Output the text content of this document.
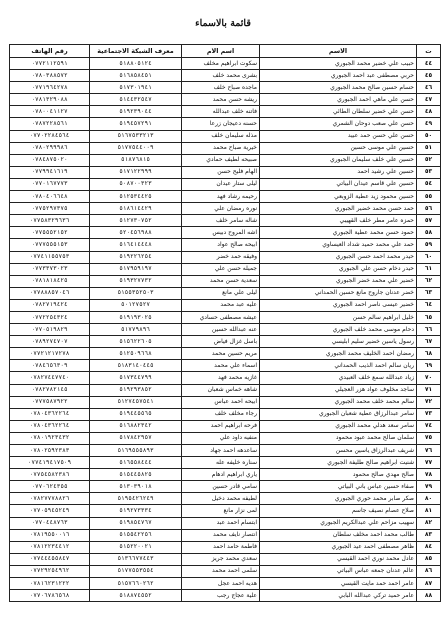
قائمة بالاسماء
ت	الاسم	اسم الام	معرف الشبكة الاجتماعية	رقم الهاتف
٤٤	حبيب علي خضير محمد الجبوري	سكوت ابراهيم مخلف	٥١٨٨٠٥١٢٤	٠٧٧٢١١٢٥٩١
٤٥	حربي مصطفى عبد احمد الجبوري	بشرى محمد خلف	٥١٦٨٥٨٤٥١	٠٧٨٠٣٨٨٥٧٢
٤٦	حسام حسين صالح محمد الجبوري	ماجده صباح خلف	٥١٧٣٠١٩٤١	٠٧٧١٩٦٤٢٧٨
٤٧	حسن علي ماهي احمد الجبوري	ريشه حسن محمد	٥١٤٤٣٢٥٤٧	٠٧٨١٣٢٩٠٨٨
٤٨	حسن علي خضير سلطان الطائي	فاتنه خلف عبدالله	٥١٩٢٣٩٠٤٤	٠٧٨٠٠٤١١٢٧
٤٩	حسن علي صعب دوحان الشمري	حسنه دعيجان زرعا	٥١٩٤٥٧٢٩١	٠٧٨٧٢٢٨٥٦١
٥٠	حسن علي حسن حمد عبيد	مذله سليمان خلف	٥١٦٧٥٣٣٢١٣	٠٧٧٠٢٢٨٤٥٦٤
٥١	حسين علي موسى حسين	خيرية صباح محمد	٥١٧٧٥٤٤٠٠٩	٠٧٨٠٢٩٩٩٨٦
٥٢	حسين علي خلف سليمان الجبوري	صبيحه لطيف حمادي	٥١٨٧٦٨١٥	٠٧٨٤٨٧٥٠٢٠
٥٣	حسين علي رشيد احمد	الهام فليح حسن	٥١٧١٢٢٩٩٩	٠٧٧٩٩٤١٦١٩
٥٤	حسين علي قاسم عيدان البياتي	ليلى ستار عيدان	٥٠٨٧٠٠٣٢٣	٠٧٧٠١٦٧٧٧٣
٥٥	حسين محمود زيد عطية الزوبعي	رحيمه رشاد فهد	٥١٢٥٣٤٤٢٥	٠٧٨٠٤٠٦٦٤٨
٥٦	حمد حسن محمد خضير الجبوري	نوره رمضان علي	٥١٨٦١٤٤٢٩	٠٧٧٥٢٩٧٣٧٥
٥٧	حمزه عامر مطر خلف القهيبي	شاله سامر خلف	٥١٢٧٣٠٧٥٢	٠٧٧٥٨٣٢٩٦٣٦
٥٨	حمود حسن محمد عطية الجبوري	اشه المروح دبيس	٥٢٠٤٥٦٩٨٨	٠٧٧٥٥٥٢١٥٢
٥٩	حمد علي محمد حميد شداد العيساوي	ابيحه صالح عواد	٥١٦٤١٤٤٤٨	٠٧٧٧٥٥٥١٥٣
٦٠	حيدر محمد احمد حسن الجبوري	وفيقه حمد خضر	٥١٩٢٢٦٢٥٤	٠٧٧٤١١٥٥٧٥٣
٦١	حيدر دخام حسن علي الجبوري	جميله حسن علي	٥١٧٩٥٩١٩٧	٠٧٧٣٣٧٣٠٢٣
٦٢	خضير علي محمد خضر الجبوري	سعدية حسن محمد	٥١٩٣٢٧٧٣٢	٠٧٨١٨١٨٤٢٥
٦٣	خضر عدنان جاروح مانع حسين الحمداني	ليلى علي مانع	٥١٥٥٣٥٢٥٠٣	٠٧٧٨٨٨٥٧٠٤٦
٦٤	خضير عيسى ناصر احمد الجبوري	عليه عبد محمد	٥٠١٢٧٥٢٧	٠٧٨٢٧١٩٤٢٤
٦٥	خليل ابراهيم سالم حسن	عيشه مصطفى حسادي	٥١٩١٩٣٠٢٥	٠٧٧٢٢٥٤٣٢٤
٦٦	دحام موسى محمد خلف الجبوري	عنه عبدالله حسين	٥١٧٧٩٨٩٦	٠٧٧٠٥١٩٨٢٩
٦٧	رسول ياسين خضير سليم ابليسي	باسل غزال فياض	٥١٥٦٢٢٦٠٥	٠٧٨٩٢٧٤٧٠٧
٦٨	رمضان احمد الخليف محمد الجبوري	مريم حسين محمد	٥١٢٥٠٩٦٦٨	٠٧٧٢١٢١٧٢٧٨
٦٩	ريان سالم احمد الذيب الحمداني	اسماء علي محمد	٥١٨٣١٤٠٤٤٥	٠٧٨٤٦٥٦٣٠٩
٧٠	زياد عبدالله سمع خلف العبيدي	غازيه محمد فهد	٥١٧٣٤٤٧٩٩	٠٧٨٢٧٤٤٧٧٤٠
٧١	ساجد مخلوف عواد هزر العجيلي	شاهه خماس شعبان	٥١٩٢٩٣٨٥٢	٠٧٨٢٧٨٢١٤٥
٧٢	سالم محمد خلف محمد الجبوري	ابيحه احمد عباس	٥١٢٧٤٥٧٥٤١	٠٧٧٧٥٨٧٩٢٢
٧٣	سامر عبدالرزاق عطية شعبان الجبوري	رجاء مخلف خلف	٥١٩٤٤٥٥٦٥	٠٧٨٠٤٣٦٢٢٦٤
٧٤	سامر سعد هدلي محمد الجبوري	فرحه ابراهيم احمد	٥١٦٨٨٢٣٤٢	٠٧٨٠٤٣٦٢٢٦٤
٧٥	سلمان صالح محمد عبود محمود	منفيه داود علي	٥١٧٨٤٢٩٥٧	٠٧٨٠١٩٢٣٤٣٢
٧٦	شريف عبدالرزاق ياسين محسن	ساعدهه احمد جهاد	٥١٦٩٥٥٥٨٩٣	٠٧٨٠٢٥٩٢٣٨٣
٧٧	شنيت ابراهيم صالح طليفة الجبوري	سناره خليفه عله	٥١٦٥٥٨٤٤٤	٠٧٧٤١٩٤١٧٥٠٩
٧٨	صالح مهدي صالح محمود	ياري ابراهيم ادهام	٥١٥٤٤٥٨٢٥	٠٧٧٥٤٥٨٢٣٨٦
٧٩	صفاء حسين عباس باني البياتي	سامي قادر حسين	٥١٣٠٣٩٠١٨	٠٧٧٠٦٢٤٣٥٥
٨٠	صكر صابر محمد حوري الجبوري	لطيفه محمد دخيل	٥١٩٥٤٢٦٢٤٩	٠٧٨٢٧٧٧٨٨٢٦
٨١	صلاح عصام نصيف جاسم	لمى نزار مانع	٥١٩٢٧٣٣٣٤	٠٧٧٠٥٩٤٥٢٤٩
٨٢	سهيب مزاحم علي عبدالكريم الجبوري	ابتسام احمد عبد	٥١٩٨٥٤٧٦٧	٠٧٧٠٤٤٨٧٦٣
٨٣	طالب محمد احمد مخلف سلطان	انتصار نايف محمد	٥١٥٥٤٢٢٥٦	٠٧٨١٩٥٥٠٠١٦
٨٤	ظاهر مصطفى احمد عيد الجبوري	فاطمة حامد احمد	٥١٥٢٢٠٠٢١	٠٧٨١٢٢٣٤٤١٢
٨٥	عادل محمد نوري احمد القيسي	سعدي محمد جريز	٥١٣٦٦٧٧٤٤٣	٠٧٧٤٤٤٥٥٨٤٧
٨٦	عالم عدنان جمعه عباس البياتي	سلمى احمد محمد	٥١٧٧٥٥٣٥٥٤	٠٧٧٢٩٢٥٤٩٦٢
٨٧	عامر احمد حمد مايت القيسي	هديه احمد عجل	٥١٥٧٦٦٠٢٦٢	٠٧٨١٦٢٣١٢٢٢
٨٨	عامر حميد تركي عبدالله البابي	علية عجاج رجب	٥١٨٨٧٤٥٥٢	٠٧٧٠٦٧٨٦٥٦٨
